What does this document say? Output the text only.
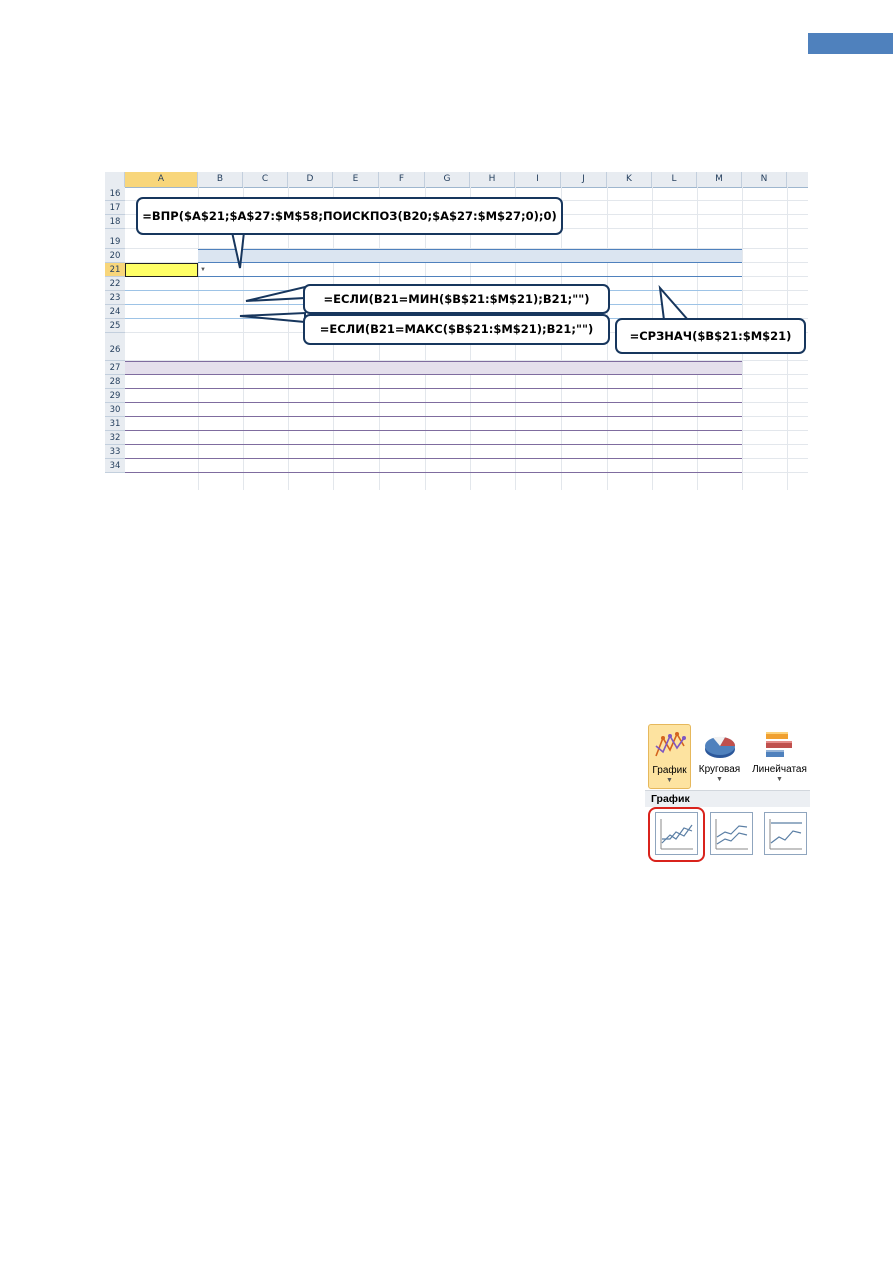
A	B	C	D	E	F	G	H	I	J	K	L	M	N
16
17
18
19
20
21
22
23
24
25
26
27
28
29
30
31
32
33
34
▼
=ВПР($A$21;$A$27:$M$58;ПОИСКПОЗ(B20;$A$27:$M$27;0);0)
=ЕСЛИ(B21=МИН($B$21:$M$21);B21;"")
=ЕСЛИ(B21=МАКС($B$21:$M$21);B21;"")	=СРЗНАЧ($B$21:$M$21)
График
▼
Круговая
▼
Линейчатая
▼
График
